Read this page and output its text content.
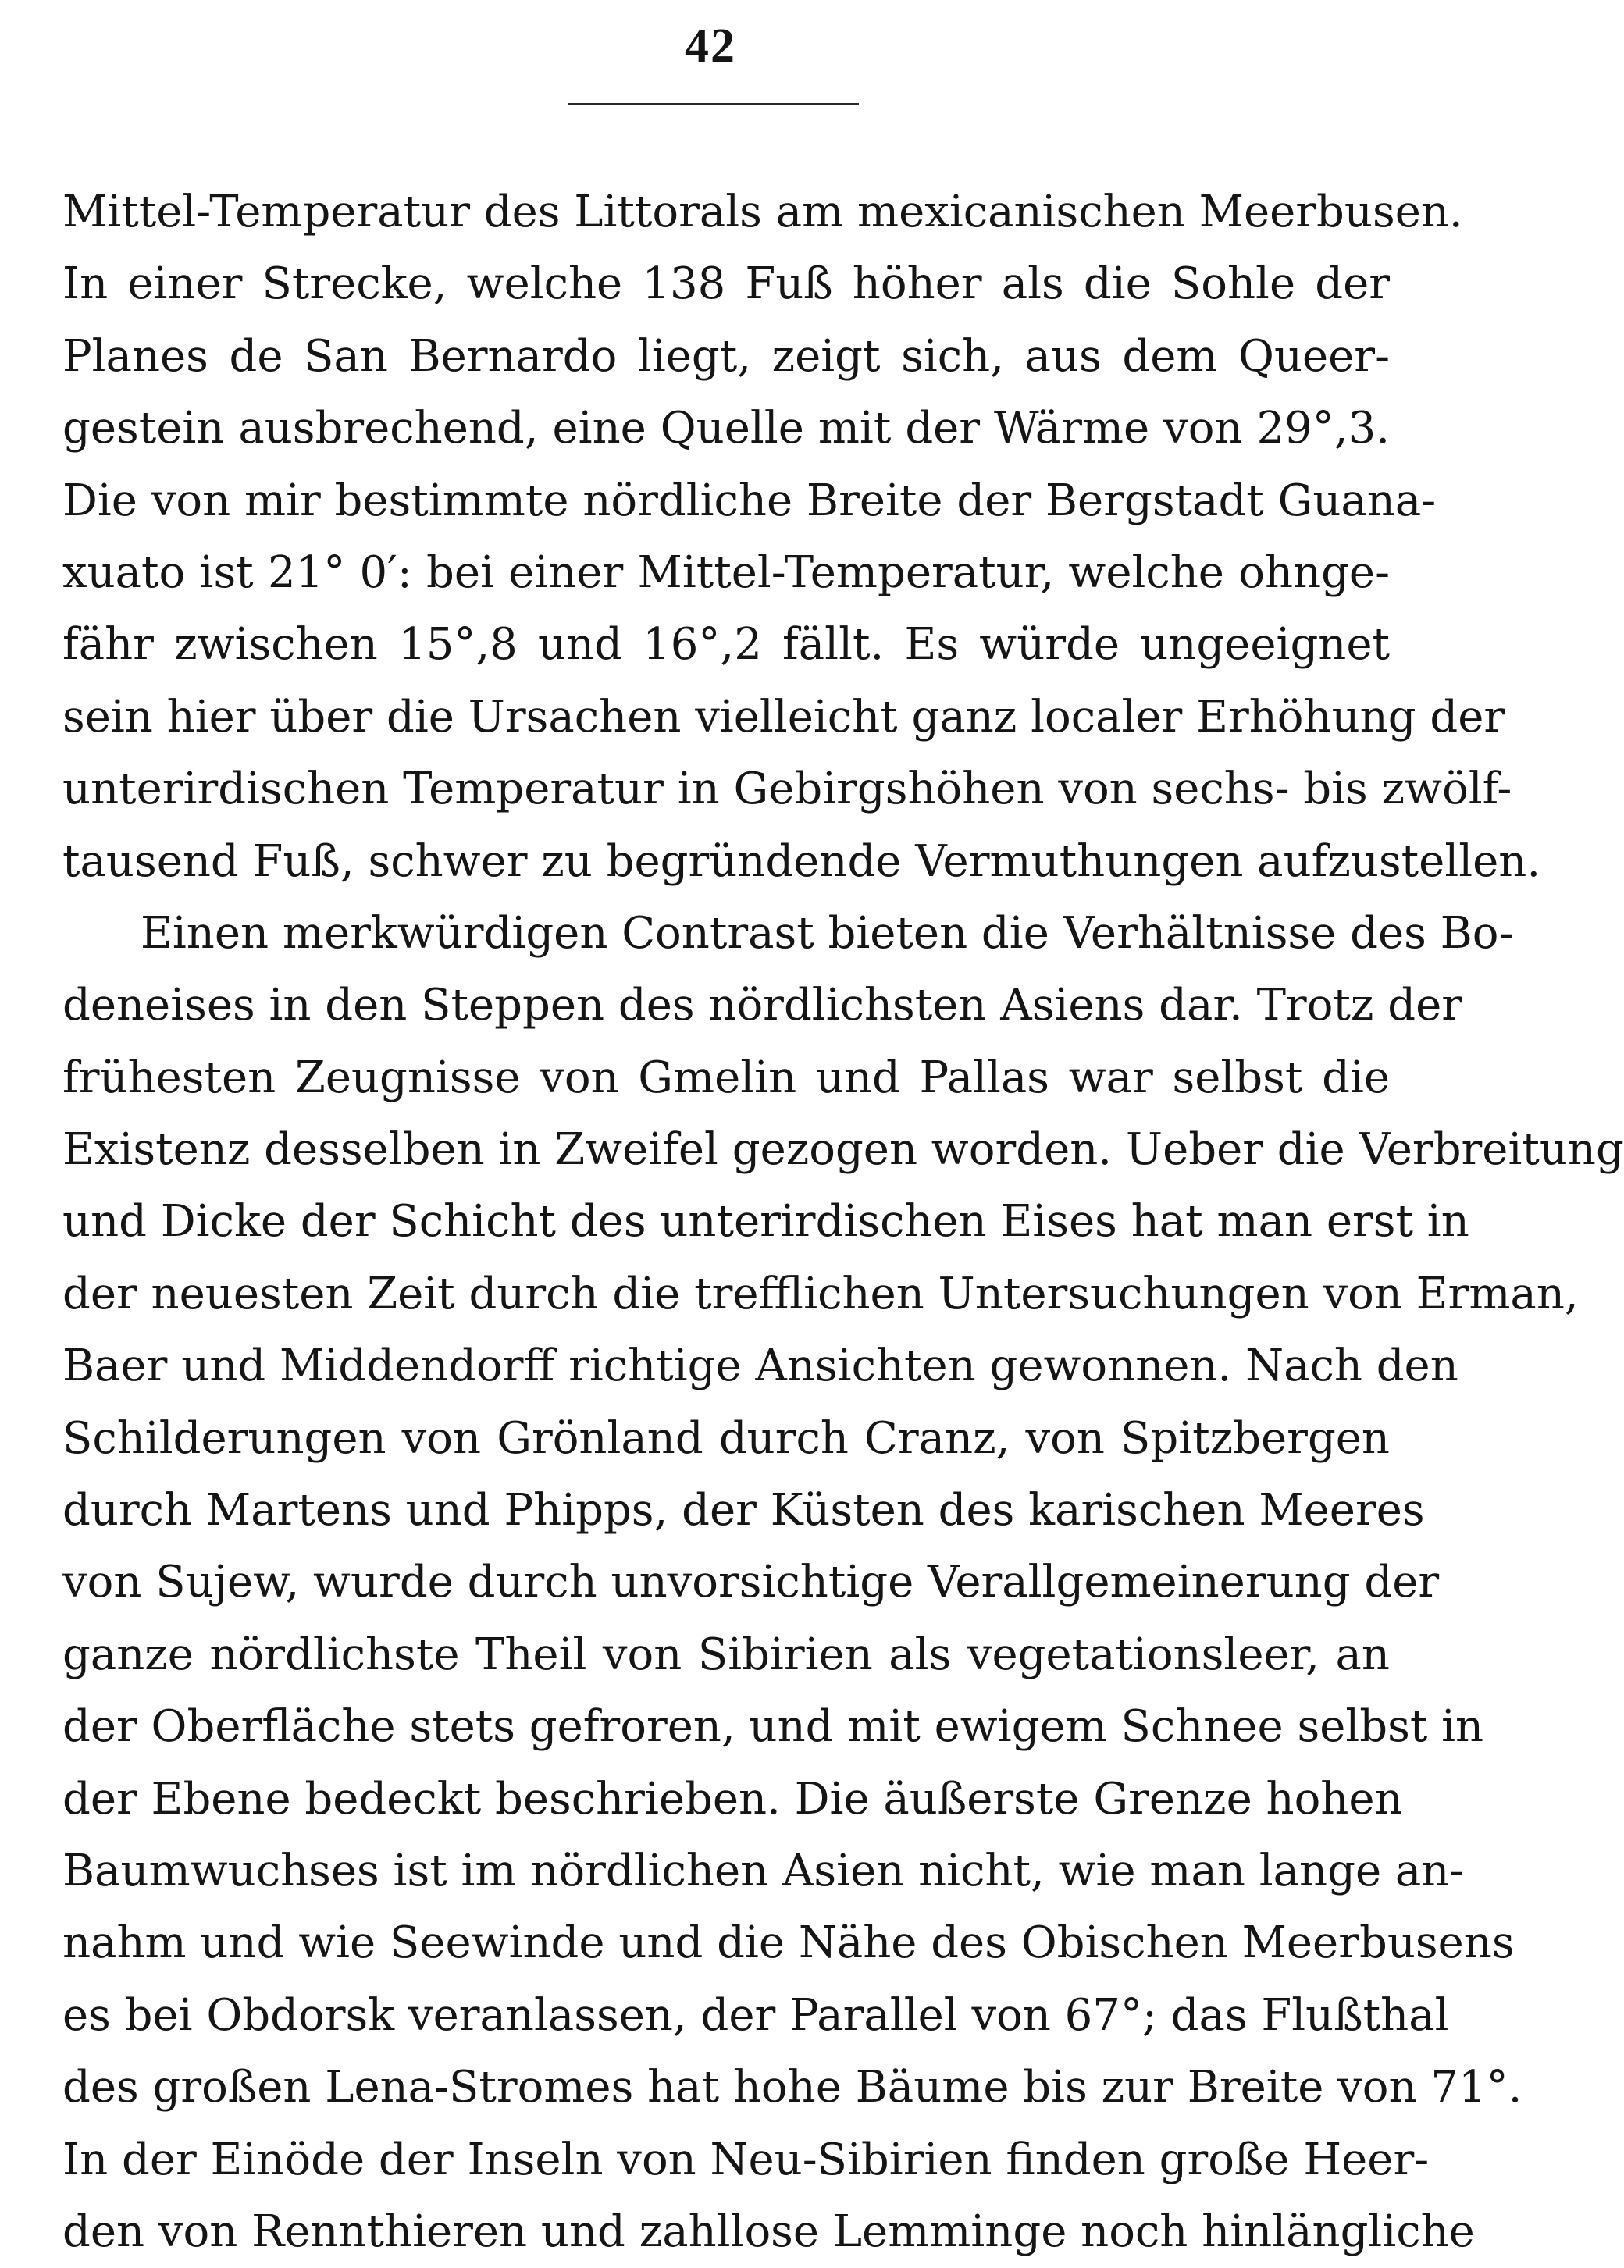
42
Mittel-Temperatur des Littorals am mexicanischen Meerbusen.
In einer Strecke, welche 138 Fuß höher als die Sohle der
Planes de San Bernardo liegt, zeigt sich, aus dem Queer-
gestein ausbrechend, eine Quelle mit der Wärme von 29°,3.
Die von mir bestimmte nördliche Breite der Bergstadt Guana-
xuato ist 21° 0′: bei einer Mittel-Temperatur, welche ohnge-
fähr zwischen 15°,8 und 16°,2 fällt. Es würde ungeeignet
sein hier über die Ursachen vielleicht ganz localer Erhöhung der
unterirdischen Temperatur in Gebirgshöhen von sechs- bis zwölf-
tausend Fuß, schwer zu begründende Vermuthungen aufzustellen.
Einen merkwürdigen Contrast bieten die Verhältnisse des Bo-
deneises in den Steppen des nördlichsten Asiens dar. Trotz der
frühesten Zeugnisse von Gmelin und Pallas war selbst die
Existenz desselben in Zweifel gezogen worden. Ueber die Verbreitung
und Dicke der Schicht des unterirdischen Eises hat man erst in
der neuesten Zeit durch die trefflichen Untersuchungen von Erman,
Baer und Middendorff richtige Ansichten gewonnen. Nach den
Schilderungen von Grönland durch Cranz, von Spitzbergen
durch Martens und Phipps, der Küsten des karischen Meeres
von Sujew, wurde durch unvorsichtige Verallgemeinerung der
ganze nördlichste Theil von Sibirien als vegetationsleer, an
der Oberfläche stets gefroren, und mit ewigem Schnee selbst in
der Ebene bedeckt beschrieben. Die äußerste Grenze hohen
Baumwuchses ist im nördlichen Asien nicht, wie man lange an-
nahm und wie Seewinde und die Nähe des Obischen Meerbusens
es bei Obdorsk veranlassen, der Parallel von 67°; das Flußthal
des großen Lena-Stromes hat hohe Bäume bis zur Breite von 71°.
In der Einöde der Inseln von Neu-Sibirien finden große Heer-
den von Rennthieren und zahllose Lemminge noch hinlängliche
